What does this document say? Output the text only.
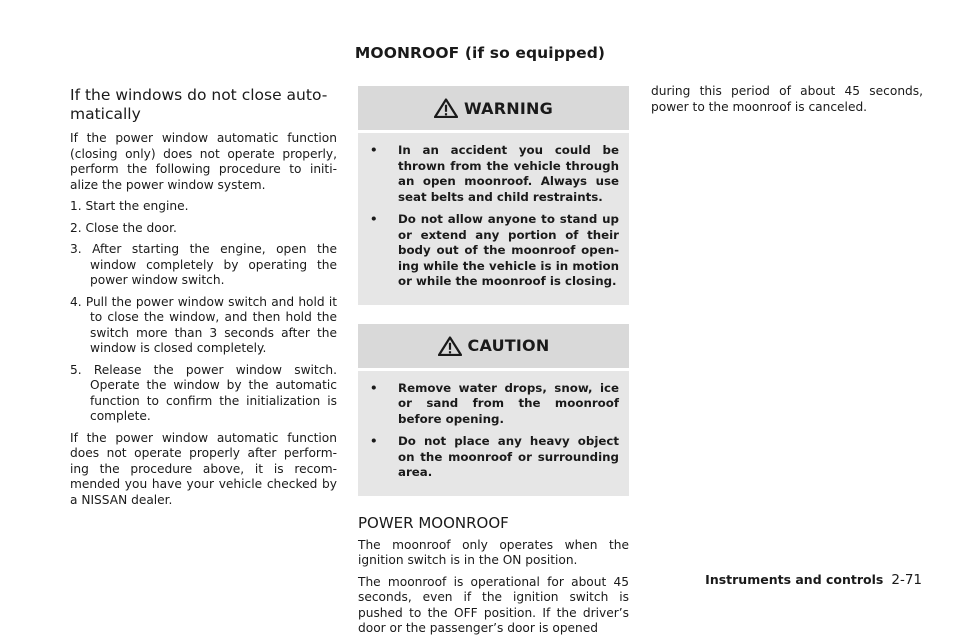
MOONROOF (if so equipped)
If the windows do not close auto-
matically

If the power window automatic function (closing only) does not operate properly, perform the following procedure to initi-alize the power window system.

1. Start the engine.

2. Close the door.

3. After starting the engine, open the window completely by operating the power window switch.

4. Pull the power window switch and hold it to close the window, and then hold the switch more than 3 seconds after the window is closed completely.

5. Release the power window switch. Operate the window by the automatic function to confirm the initialization is complete.

If the power window automatic function does not operate properly after perform-ing the procedure above, it is recom-mended you have your vehicle checked by a NISSAN dealer.

WARNING
•	In an accident you could be thrown from the vehicle through an open moonroof. Always use seat belts and child restraints.
•	Do not allow anyone to stand up or extend any portion of their body out of the moonroof open-ing while the vehicle is in motion or while the moonroof is closing.
CAUTION
•	Remove water drops, snow, ice or sand from the moonroof before opening.
•	Do not place any heavy object on the moonroof or surrounding area.
POWER MOONROOF

The moonroof only operates when the ignition switch is in the ON position.

The moonroof is operational for about 45 seconds, even if the ignition switch is pushed to the OFF position. If the driver’s door or the passenger’s door is opened

during this period of about 45 seconds, power to the moonroof is canceled.

Instruments and controls 2-71
